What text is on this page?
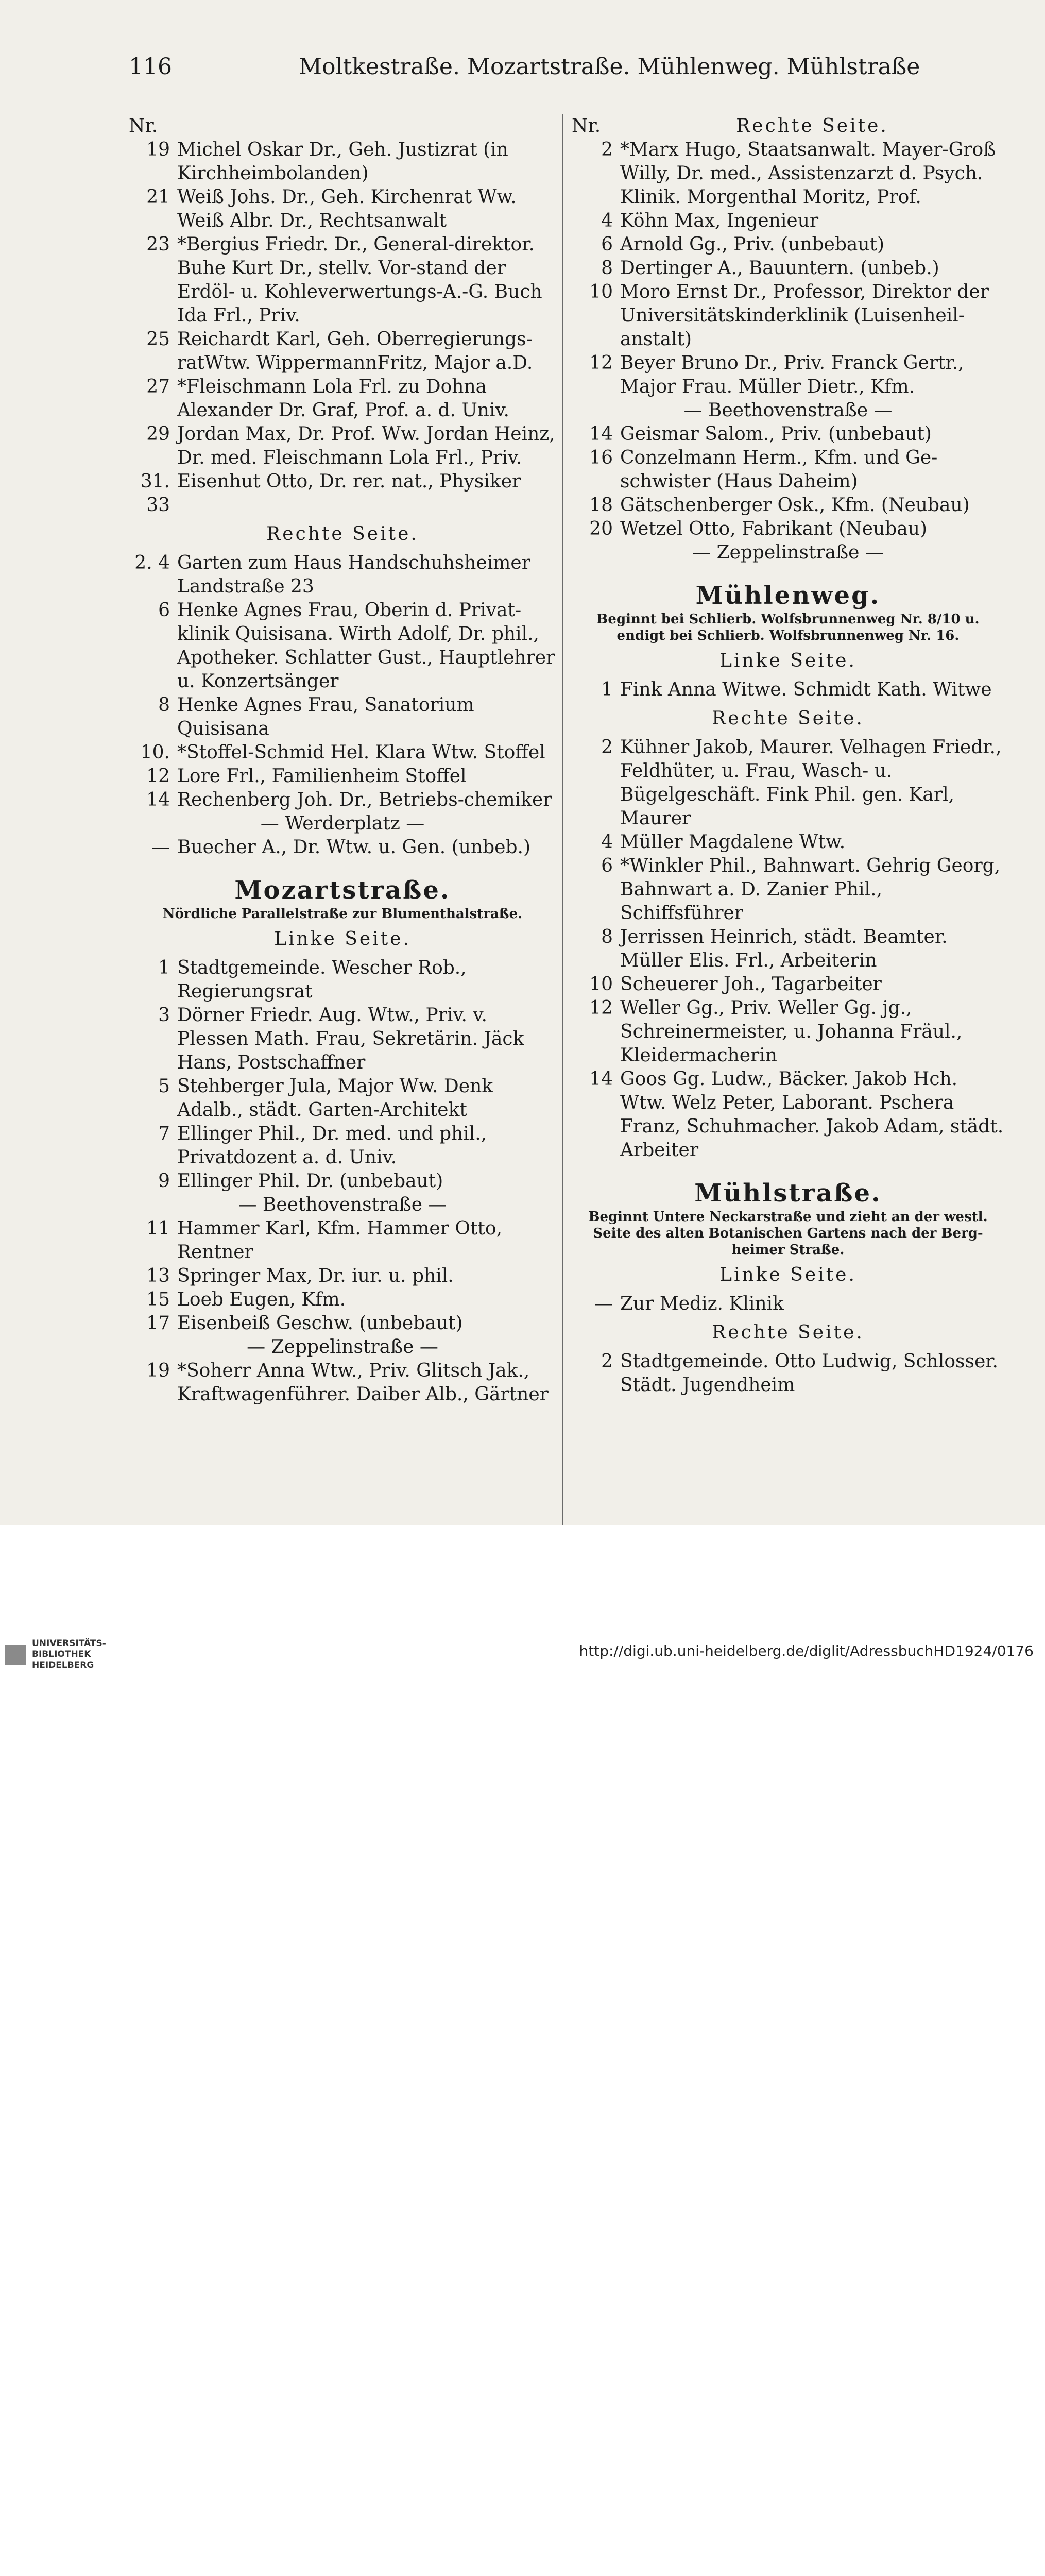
116	Moltkestraße. Mozartstraße. Mühlenweg. Mühlstraße
Nr.
19 Michel Oskar Dr., Geh. Justizrat (in Kirchheimbolanden)
21 Weiß Johs. Dr., Geh. Kirchenrat Ww. Weiß Albr. Dr., Rechtsanwalt
23 *Bergius Friedr. Dr., General-direktor. Buhe Kurt Dr., stellv. Vor-stand der Erdöl- u. Kohleverwertungs-A.-G. Buch Ida Frl., Priv.
25 Reichardt Karl, Geh. Oberregierungs-ratWtw. WippermannFritz, Major a.D.
27 *Fleischmann Lola Frl. zu Dohna Alexander Dr. Graf, Prof. a. d. Univ.
29 Jordan Max, Dr. Prof. Ww. Jordan Heinz, Dr. med. Fleischmann Lola Frl., Priv.
31. 33
Eisenhut Otto, Dr. rer. nat., Physiker
Rechte Seite.
2. 4 Garten zum Haus Handschuhsheimer Landstraße 23
6 Henke Agnes Frau, Oberin d. Privat-klinik Quisisana. Wirth Adolf, Dr. phil., Apotheker. Schlatter Gust., Hauptlehrer u. Konzertsänger
8 Henke Agnes Frau, Sanatorium Quisisana
10. 12
*Stoffel-Schmid Hel. Klara Wtw. Stoffel Lore Frl., Familienheim Stoffel
14 Rechenberg Joh. Dr., Betriebs-chemiker
— Werderplatz —
— Buecher A., Dr. Wtw. u. Gen. (unbeb.)
Mozartstraße.
Nördliche Parallelstraße zur Blumenthalstraße.
Linke Seite.
1 Stadtgemeinde. Wescher Rob., Regierungsrat
3 Dörner Friedr. Aug. Wtw., Priv. v. Plessen Math. Frau, Sekretärin. Jäck Hans, Postschaffner
5 Stehberger Jula, Major Ww. Denk Adalb., städt. Garten-Architekt
7 Ellinger Phil., Dr. med. und phil., Privatdozent a. d. Univ.
9 Ellinger Phil. Dr. (unbebaut)
— Beethovenstraße —
11 Hammer Karl, Kfm. Hammer Otto, Rentner
13 Springer Max, Dr. iur. u. phil.
15 Loeb Eugen, Kfm.
17 Eisenbeiß Geschw. (unbebaut)
— Zeppelinstraße —
19 *Soherr Anna Wtw., Priv. Glitsch Jak., Kraftwagenführer. Daiber Alb., Gärtner
Nr.	Rechte Seite.
2 *Marx Hugo, Staatsanwalt. Mayer-Groß Willy, Dr. med., Assistenzarzt d. Psych. Klinik. Morgenthal Moritz, Prof.
4 Köhn Max, Ingenieur
6 Arnold Gg., Priv. (unbebaut)
8 Dertinger A., Bauuntern. (unbeb.)
10 Moro Ernst Dr., Professor, Direktor der Universitätskinderklinik (Luisenheil-anstalt)
12 Beyer Bruno Dr., Priv. Franck Gertr., Major Frau. Müller Dietr., Kfm.
— Beethovenstraße —
14 Geismar Salom., Priv. (unbebaut)
16 Conzelmann Herm., Kfm. und Ge-schwister (Haus Daheim)
18 Gätschenberger Osk., Kfm. (Neubau)
20 Wetzel Otto, Fabrikant (Neubau)
— Zeppelinstraße —
Mühlenweg.
Beginnt bei Schlierb. Wolfsbrunnenweg Nr. 8/10 u. endigt bei Schlierb. Wolfsbrunnenweg Nr. 16.
Linke Seite.
1 Fink Anna Witwe. Schmidt Kath. Witwe
Rechte Seite.
2 Kühner Jakob, Maurer. Velhagen Friedr., Feldhüter, u. Frau, Wasch- u. Bügelgeschäft. Fink Phil. gen. Karl, Maurer
4 Müller Magdalene Wtw.
6 *Winkler Phil., Bahnwart. Gehrig Georg, Bahnwart a. D. Zanier Phil., Schiffsführer
8 Jerrissen Heinrich, städt. Beamter. Müller Elis. Frl., Arbeiterin
10 Scheuerer Joh., Tagarbeiter
12 Weller Gg., Priv. Weller Gg. jg., Schreinermeister, u. Johanna Fräul., Kleidermacherin
14 Goos Gg. Ludw., Bäcker. Jakob Hch. Wtw. Welz Peter, Laborant. Pschera Franz, Schuhmacher. Jakob Adam, städt. Arbeiter
Mühlstraße.
Beginnt Untere Neckarstraße und zieht an der westl. Seite des alten Botanischen Gartens nach der Berg-heimer Straße.
Linke Seite.
— Zur Mediz. Klinik
Rechte Seite.
2 Stadtgemeinde. Otto Ludwig, Schlosser. Städt. Jugendheim
UNIVERSITÄTS-
BIBLIOTHEK
HEIDELBERG
http://digi.ub.uni-heidelberg.de/diglit/AdressbuchHD1924/0176
